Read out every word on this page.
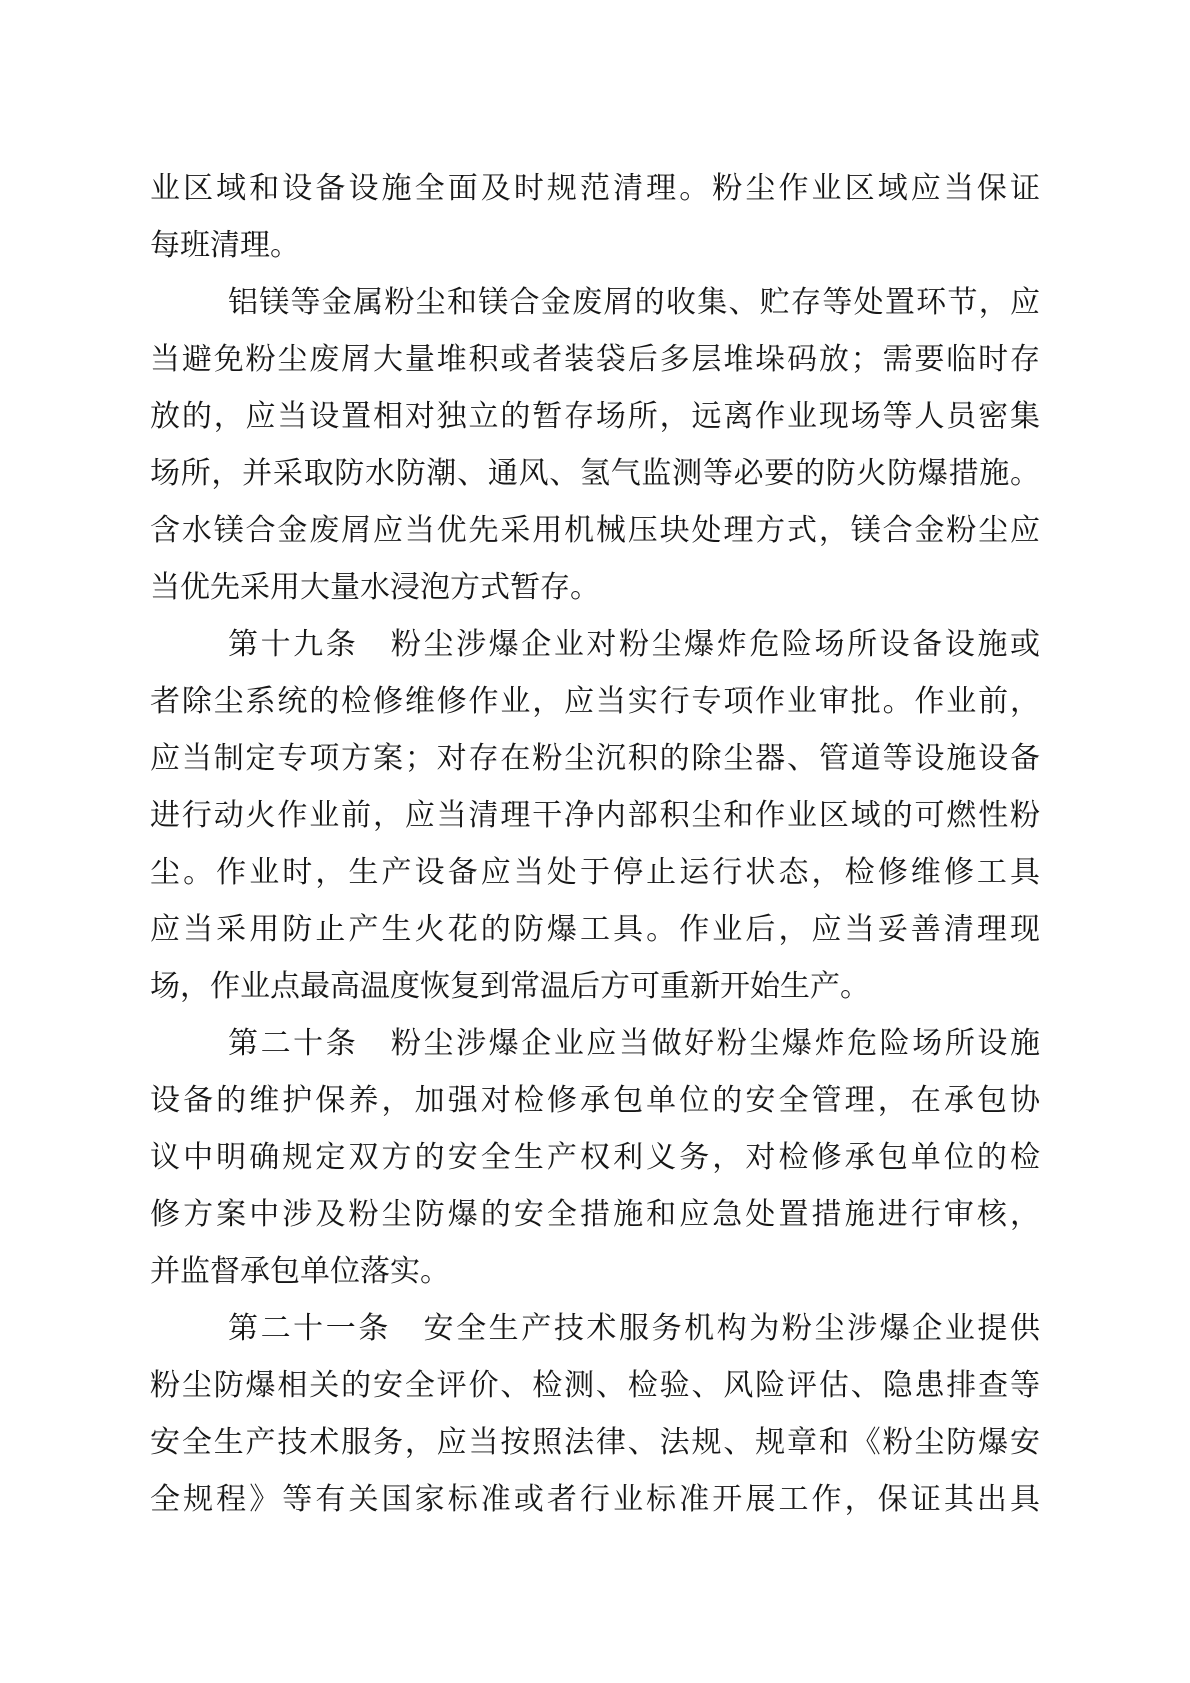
业区域和设备设施全面及时规范清理。粉尘作业区域应当保证
每班清理。
铝镁等金属粉尘和镁合金废屑的收集、贮存等处置环节，应
当避免粉尘废屑大量堆积或者装袋后多层堆垛码放；需要临时存
放的，应当设置相对独立的暂存场所，远离作业现场等人员密集
场所，并采取防水防潮、通风、氢气监测等必要的防火防爆措施。
含水镁合金废屑应当优先采用机械压块处理方式，镁合金粉尘应
当优先采用大量水浸泡方式暂存。
第十九条　粉尘涉爆企业对粉尘爆炸危险场所设备设施或
者除尘系统的检修维修作业，应当实行专项作业审批。作业前，
应当制定专项方案；对存在粉尘沉积的除尘器、管道等设施设备
进行动火作业前，应当清理干净内部积尘和作业区域的可燃性粉
尘。作业时，生产设备应当处于停止运行状态，检修维修工具
应当采用防止产生火花的防爆工具。作业后，应当妥善清理现
场，作业点最高温度恢复到常温后方可重新开始生产。
第二十条　粉尘涉爆企业应当做好粉尘爆炸危险场所设施
设备的维护保养，加强对检修承包单位的安全管理，在承包协
议中明确规定双方的安全生产权利义务，对检修承包单位的检
修方案中涉及粉尘防爆的安全措施和应急处置措施进行审核，
并监督承包单位落实。
第二十一条　安全生产技术服务机构为粉尘涉爆企业提供
粉尘防爆相关的安全评价、检测、检验、风险评估、隐患排查等
安全生产技术服务，应当按照法律、法规、规章和《粉尘防爆安
全规程》等有关国家标准或者行业标准开展工作，保证其出具
